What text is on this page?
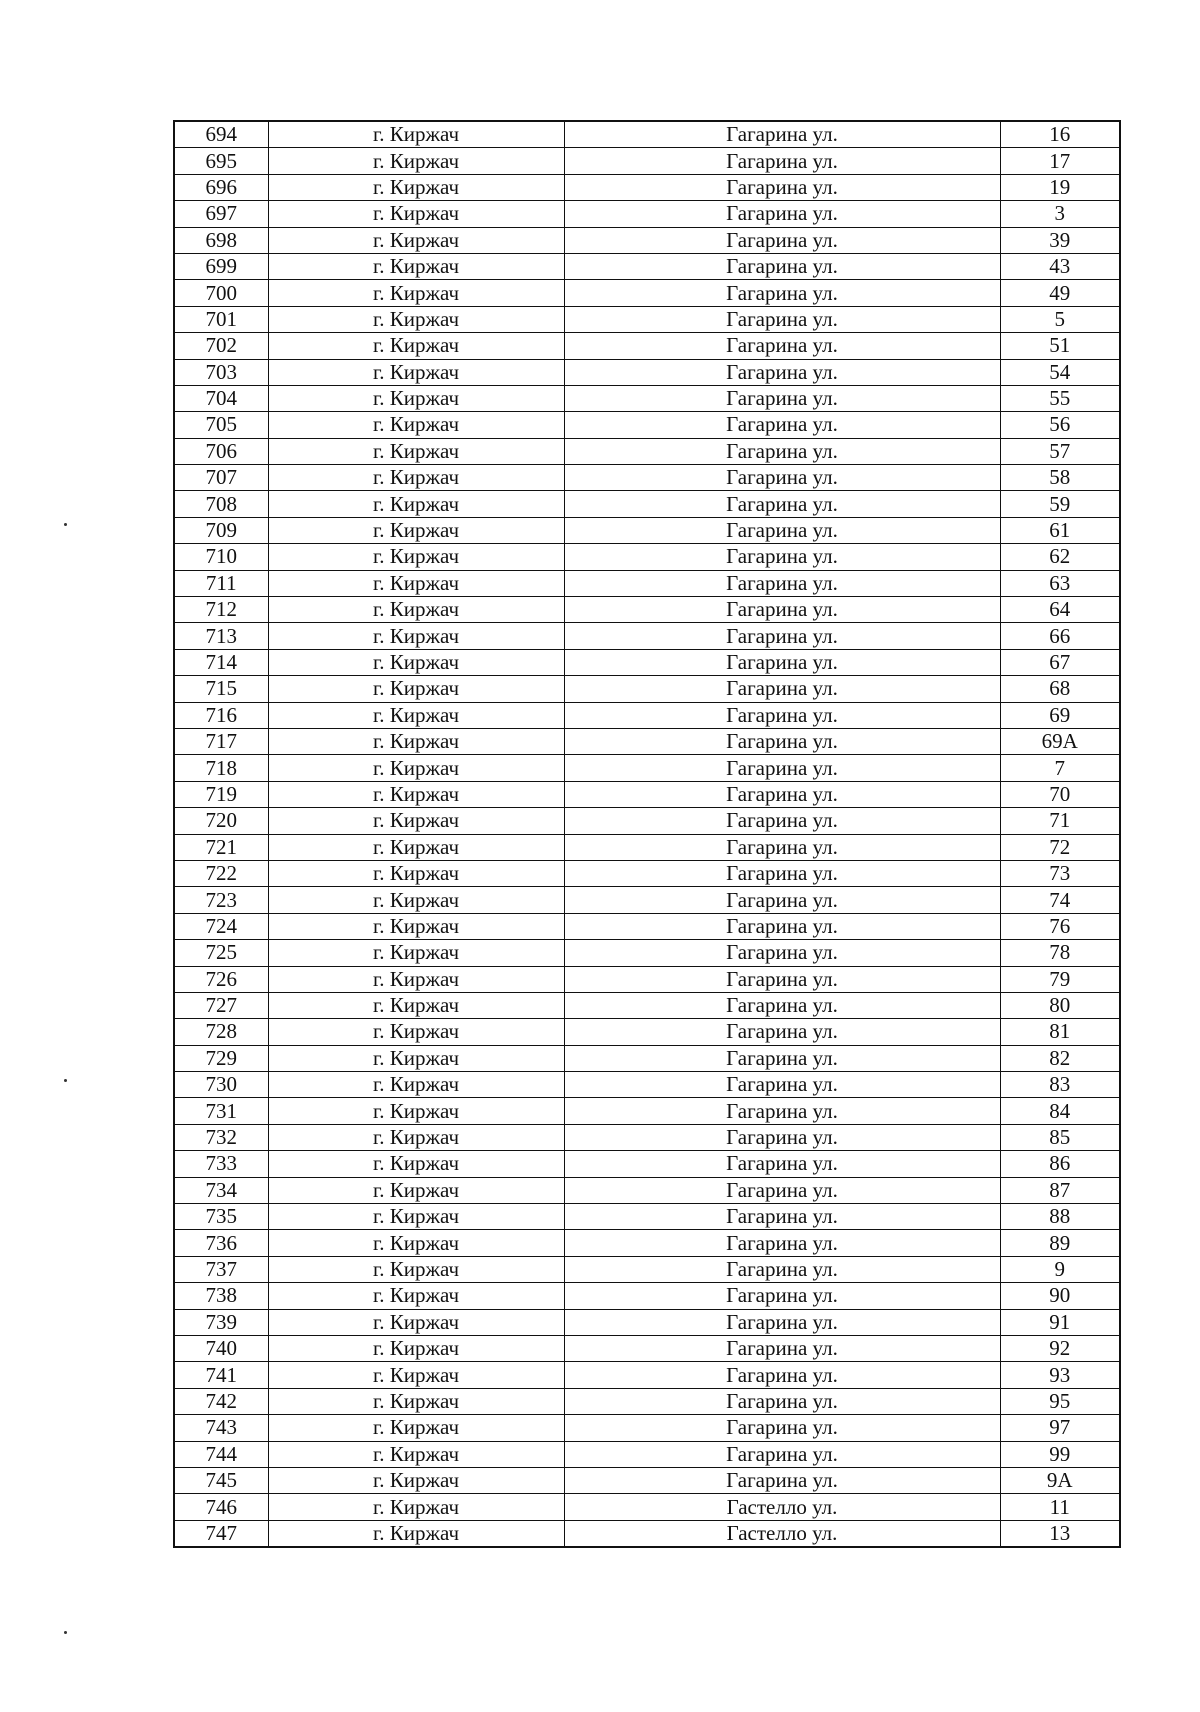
694	г. Киржач	Гагарина ул.	16
695	г. Киржач	Гагарина ул.	17
696	г. Киржач	Гагарина ул.	19
697	г. Киржач	Гагарина ул.	3
698	г. Киржач	Гагарина ул.	39
699	г. Киржач	Гагарина ул.	43
700	г. Киржач	Гагарина ул.	49
701	г. Киржач	Гагарина ул.	5
702	г. Киржач	Гагарина ул.	51
703	г. Киржач	Гагарина ул.	54
704	г. Киржач	Гагарина ул.	55
705	г. Киржач	Гагарина ул.	56
706	г. Киржач	Гагарина ул.	57
707	г. Киржач	Гагарина ул.	58
708	г. Киржач	Гагарина ул.	59
709	г. Киржач	Гагарина ул.	61
710	г. Киржач	Гагарина ул.	62
711	г. Киржач	Гагарина ул.	63
712	г. Киржач	Гагарина ул.	64
713	г. Киржач	Гагарина ул.	66
714	г. Киржач	Гагарина ул.	67
715	г. Киржач	Гагарина ул.	68
716	г. Киржач	Гагарина ул.	69
717	г. Киржач	Гагарина ул.	69А
718	г. Киржач	Гагарина ул.	7
719	г. Киржач	Гагарина ул.	70
720	г. Киржач	Гагарина ул.	71
721	г. Киржач	Гагарина ул.	72
722	г. Киржач	Гагарина ул.	73
723	г. Киржач	Гагарина ул.	74
724	г. Киржач	Гагарина ул.	76
725	г. Киржач	Гагарина ул.	78
726	г. Киржач	Гагарина ул.	79
727	г. Киржач	Гагарина ул.	80
728	г. Киржач	Гагарина ул.	81
729	г. Киржач	Гагарина ул.	82
730	г. Киржач	Гагарина ул.	83
731	г. Киржач	Гагарина ул.	84
732	г. Киржач	Гагарина ул.	85
733	г. Киржач	Гагарина ул.	86
734	г. Киржач	Гагарина ул.	87
735	г. Киржач	Гагарина ул.	88
736	г. Киржач	Гагарина ул.	89
737	г. Киржач	Гагарина ул.	9
738	г. Киржач	Гагарина ул.	90
739	г. Киржач	Гагарина ул.	91
740	г. Киржач	Гагарина ул.	92
741	г. Киржач	Гагарина ул.	93
742	г. Киржач	Гагарина ул.	95
743	г. Киржач	Гагарина ул.	97
744	г. Киржач	Гагарина ул.	99
745	г. Киржач	Гагарина ул.	9А
746	г. Киржач	Гастелло ул.	11
747	г. Киржач	Гастелло ул.	13
